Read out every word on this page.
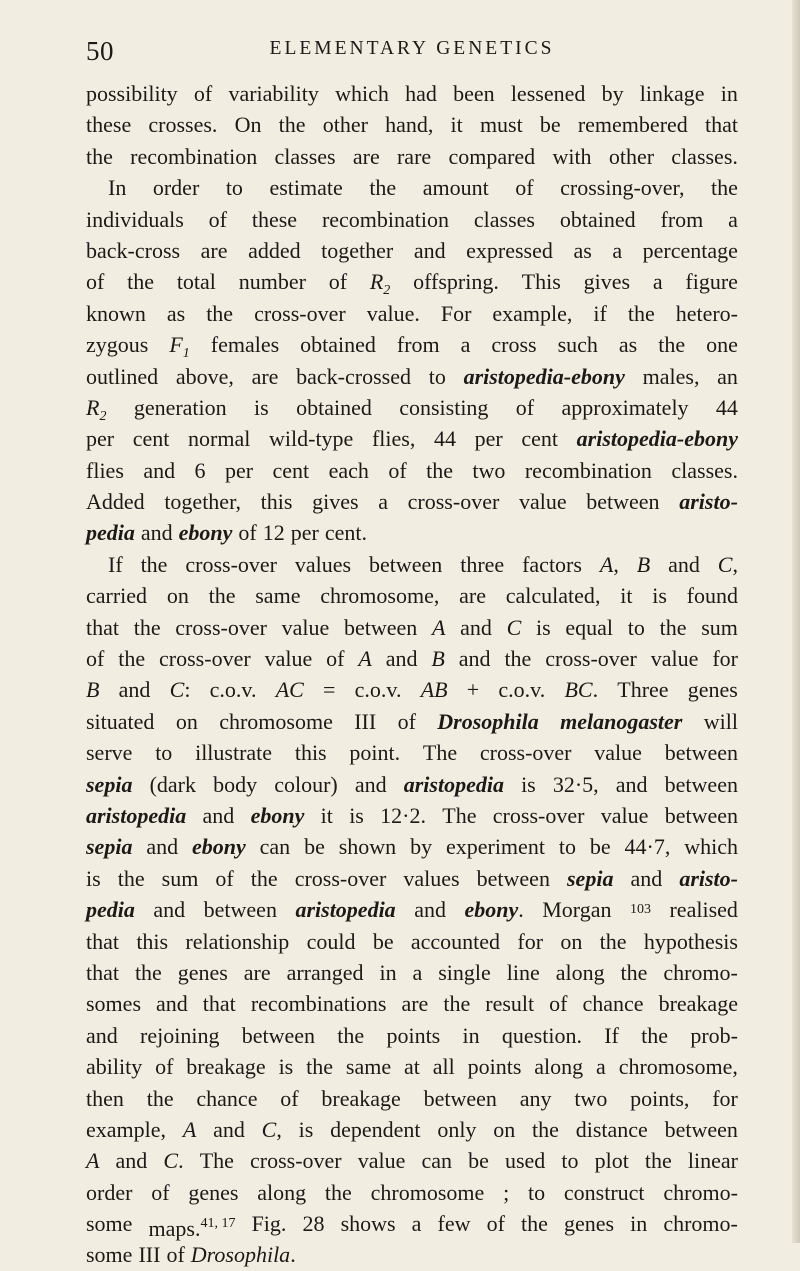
50	ELEMENTARY GENETICS
possibility of variability which had been lessened by linkage in
these crosses. On the other hand, it must be remembered that
the recombination classes are rare compared with other classes.
In order to estimate the amount of crossing-over, the
individuals of these recombination classes obtained from a
back-cross are added together and expressed as a percentage
of the total number of $R_2$ offspring. This gives a figure
known as the cross-over value. For example, if the hetero-
zygous $F_1$ females obtained from a cross such as the one
outlined above, are back-crossed to aristopedia-ebony males, an
$R_2$ generation is obtained consisting of approximately 44
per cent normal wild-type flies, 44 per cent aristopedia-ebony
flies and 6 per cent each of the two recombination classes.
Added together, this gives a cross-over value between aristo-
pedia and ebony of 12 per cent.
If the cross-over values between three factors A, B and C,
carried on the same chromosome, are calculated, it is found
that the cross-over value between A and C is equal to the sum
of the cross-over value of A and B and the cross-over value for
B and C: c.o.v. AC = c.o.v. AB + c.o.v. BC. Three genes
situated on chromosome III of Drosophila melanogaster will
serve to illustrate this point. The cross-over value between
sepia (dark body colour) and aristopedia is 32·5, and between
aristopedia and ebony it is 12·2. The cross-over value between
sepia and ebony can be shown by experiment to be 44·7, which
is the sum of the cross-over values between sepia and aristo-
pedia and between aristopedia and ebony. Morgan 103 realised
that this relationship could be accounted for on the hypothesis
that the genes are arranged in a single line along the chromo-
somes and that recombinations are the result of chance breakage
and rejoining between the points in question. If the prob-
ability of breakage is the same at all points along a chromosome,
then the chance of breakage between any two points, for
example, A and C, is dependent only on the distance between
A and C. The cross-over value can be used to plot the linear
order of genes along the chromosome ; to construct chromo-
some maps.$^{41, 17}$ Fig. 28 shows a few of the genes in chromo-
some III of Drosophila.
